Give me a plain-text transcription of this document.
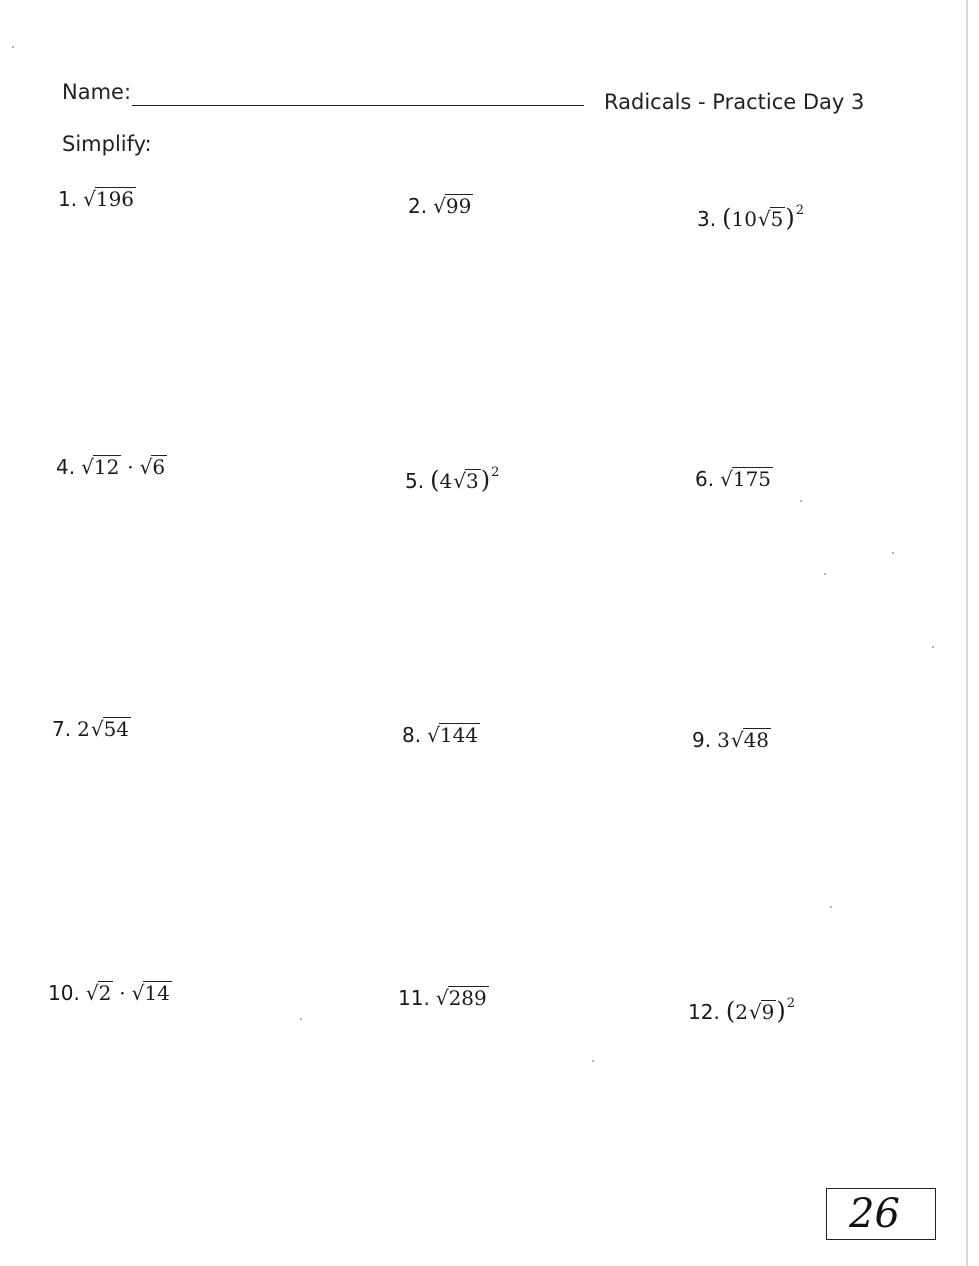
Name:	Radicals - Practice Day 3
Simplify:
1. √196	2. √99
3. $(10√5)^2$
4. √12 · √6
5. $(4√3)^2$	6. √175
7. 2√54	8. √144	9. 3√48
10. √2 · √14	11. √289
12. $(2√9)^2$
26
